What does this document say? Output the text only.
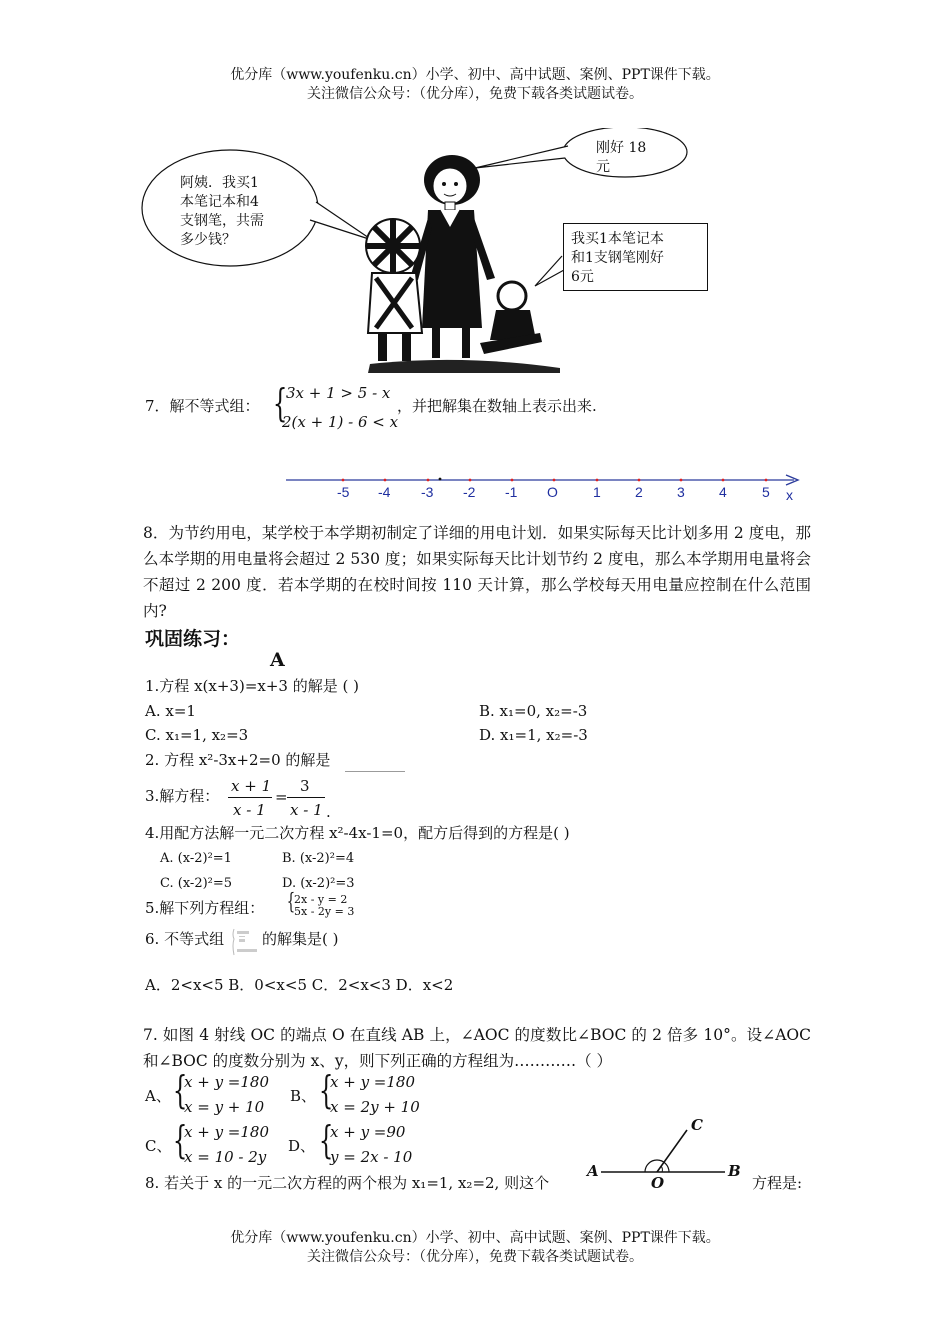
优分库（www.youfenku.cn）小学、初中、高中试题、案例、PPT课件下载。
关注微信公众号：（优分库），免费下载各类试题试卷。
阿姨．我买1
本笔记本和4
支钢笔，共需
多少钱？
刚好 18
元
我买1本笔记本
和1支钢笔刚好
6元
7．解不等式组： {
3x + 1 > 5 - x
2(x + 1) - 6 < x
，并把解集在数轴上表示出来.
-5 -4 -3 -2 -1 O	1 2 3 4	5 x
8．为节约用电，某学校于本学期初制定了详细的用电计划．如果实际每天比计划多用 2 度电，那么本学期的用电量将会超过 2 530 度；如果实际每天比计划节约 2 度电，那么本学期用电量将会不超过 2 200 度．若本学期的在校时间按 110 天计算，那么学校每天用电量应控制在什么范围内?
巩固练习：
A
1.方程 x(x+3)=x+3 的解是 ( )
A. x=1	B. x₁=0, x₂=-3
C. x₁=1, x₂=3	D. x₁=1, x₂=-3
2. 方程 x²-3x+2=0 的解是 ________
3.解方程：
x + 1
x - 1
=
3
x - 1 .
4.用配方法解一元二次方程 x²-4x-1=0，配方后得到的方程是( )
A. (x-2)²=1	B. (x-2)²=4
C. (x-2)²=5	D. (x-2)²=3
5.解下列方程组： {
2x - y = 2
5x - 2y = 3
6. 不等式组	的解集是( )
A．2<x<5 B．0<x<5 C．2<x<3 D．x<2
7. 如图 4 射线 OC 的端点 O 在直线 AB 上，∠AOC 的度数比∠BOC 的 2 倍多 10°。设∠AOC 和∠BOC 的度数分别为 x、y，则下列正确的方程组为…………（ ）
A、 {
x + y =180
x = y + 10
B、 {
x + y =180
x = 2y + 10
C、 {
x + y =180
x = 10 - 2y
D、 {
x + y =90
y = 2x - 10
A	B
C
O
8. 若关于 x 的一元二次方程的两个根为 x₁=1, x₂=2, 则这个	方程是:
优分库（www.youfenku.cn）小学、初中、高中试题、案例、PPT课件下载。
关注微信公众号：（优分库），免费下载各类试题试卷。
